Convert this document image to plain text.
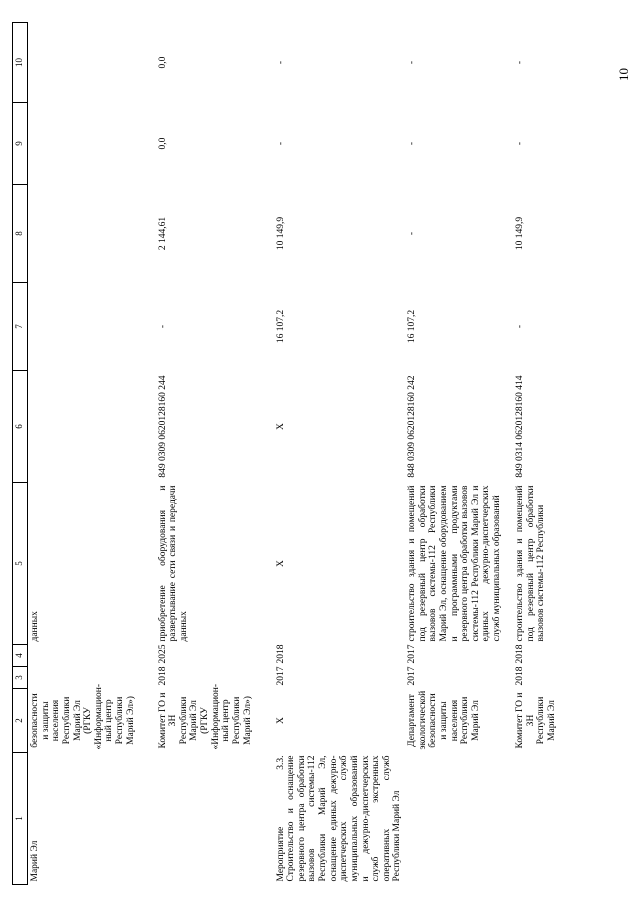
10
1	2	3	4	5	6	7	8	9	10
Марий Эл	безопасности и защиты населения Республики Марий Эл (РГКУ «Информацион-ный центр Республики Марий Эл»)			данных					
	Комитет ГО и ЗН Республики Марий Эл (РГКУ «Информацион-ный центр Республики Марий Эл»)	2018	2025	приобретение оборудования и развертывание сети связи и передачи данных	849 0309 0620128160 244	-	2 144,61	0,0	0,0
Мероприятие 3.3. Строительство и оснащение резервного центра обработки вызовов системы-112 Республики Марий Эл, оснащение единых дежурно-диспетчерских служб муниципальных образований и дежурно-диспетчерских служб экстренных оперативных служб Республики Марий Эл	Х	2017	2018	Х	Х	16 107,2	10 149,9	-	-
	Департамент экологической безопасности и защиты населения Республики Марий Эл	2017	2017	строительство здания и помещений под резервный центр обработки вызовов системы-112 Республики Марий Эл, оснащение оборудованием и программными продуктами резервного центра обработки вызовов системы-112 Республики Марий Эл и единых дежурно-диспетчерских служб муниципальных образований	848 0309 0620128160 242	16 107,2	-	-	-
	Комитет ГО и ЗН Республики Марий Эл	2018	2018	строительство здания и помещений под резервный центр обработки вызовов системы-112 Республики	849 0314 0620128160 414	-	10 149,9	-	-
